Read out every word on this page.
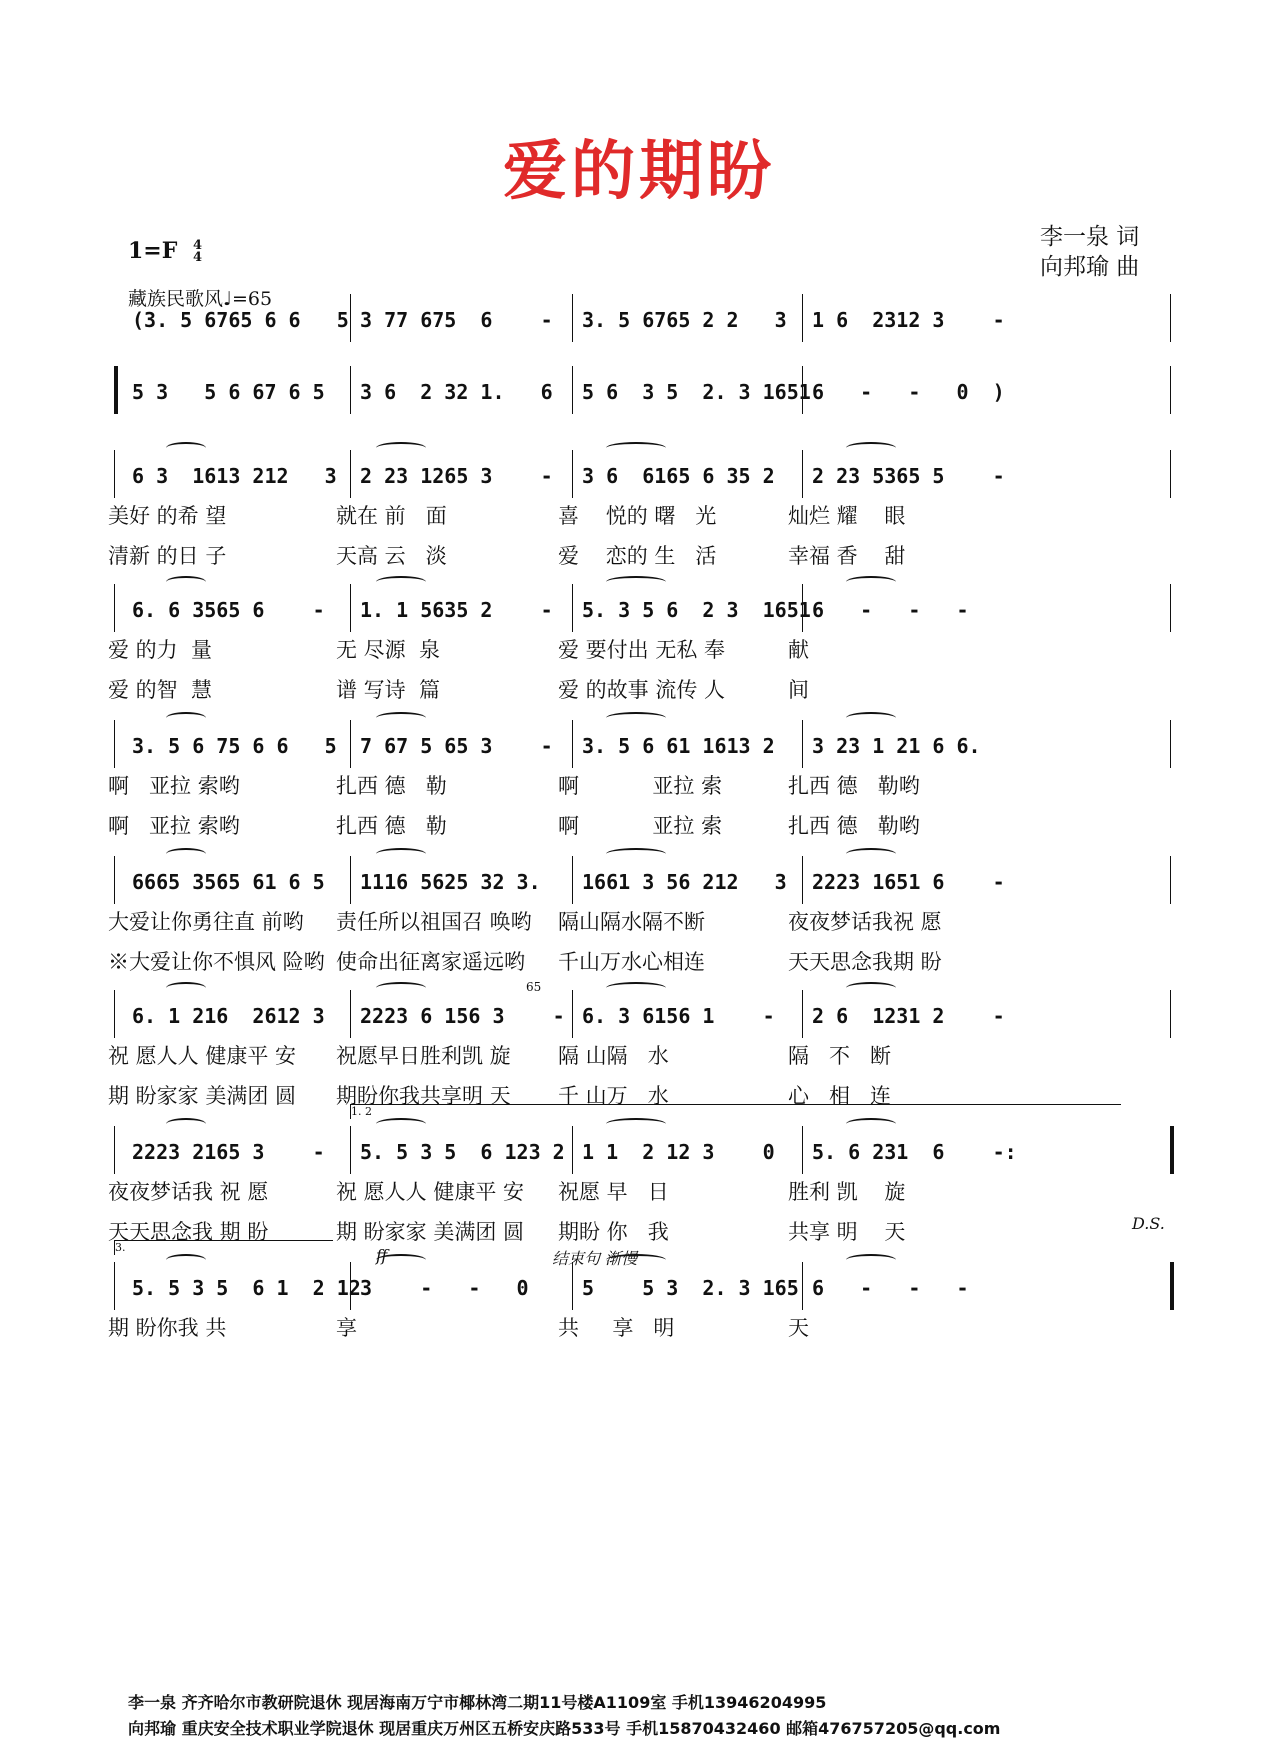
爱的期盼
李一泉 词
向邦瑜 曲
1=F 4
4
藏族民歌风♩=65
(3. 5 6765 6 6   5 3 77 675  6    - 3. 5 6765 2 2   3 1 6  2312 3    -
5 3   5 6 67 6 5 3 6  2 32 1.   6 5 6  3 5  2. 3 1651 6   -   -   0  )
6 3  1613 212   3 2 23 1265 3    - 3 6  6165 6 35 2 2 23 5365 5    -
美好 的希 望	就在 前   面	喜    悦的 曙   光	灿烂 耀    眼
清新 的日 子	天高 云   淡	爱    恋的 生   活	幸福 香    甜
6. 6 3565 6    - 1. 1 5635 2    - 5. 3 5 6  2 3  1651 6   -   -   -
爱 的力  量	无 尽源  泉	爱 要付出 无私 奉	献
爱 的智  慧	谱 写诗  篇	爱 的故事 流传 人	间
3. 5 6 75 6 6   5 7 67 5 65 3    - 3. 5 6 61 1613 2 3 23 1 21 6 6.
啊   亚拉 索哟	扎西 德   勒	啊           亚拉 索	扎西 德   勒哟
啊   亚拉 索哟	扎西 德   勒	啊           亚拉 索	扎西 德   勒哟
6665 3565 61 6 5 1116 5625 32 3. 1661 3 56 212   3 2223 1651 6    -
大爱让你勇往直 前哟 责任所以祖国召 唤哟 隔山隔水隔不断	夜夜梦话我祝 愿
※大爱让你不惧风 险哟 使命出征离家遥远哟 千山万水心相连	天天思念我期 盼
6. 1 216  2612 3 2223 6 156 3    - 6. 3 6156 1    - 2 6  1231 2    -
祝 愿人人 健康平 安 祝愿早日胜利凯 旋 隔 山隔   水	隔   不   断
期 盼家家 美满团 圆 期盼你我共享明 天 千 山万   水	心   相   连
65
2223 2165 3    - 5. 5 3 5  6 123 2 1 1  2 12 3    0 5. 6 231  6    -:
夜夜梦话我 祝 愿	祝 愿人人 健康平 安 祝愿 早   日	胜利 凯    旋
天天思念我 期 盼	期 盼家家 美满团 圆 期盼 你   我	共享 明    天	D.S.
1. 2
5. 5 3 5  6 1  2 12 3    -   -   0	5    5 3  2. 3 165 6   -   -   -
期 盼你我 共	享	共     享   明	天
3.	ff	结束句 渐慢
李一泉 齐齐哈尔市教研院退休 现居海南万宁市椰林湾二期11号楼A1109室 手机13946204995
向邦瑜 重庆安全技术职业学院退休 现居重庆万州区五桥安庆路533号 手机15870432460 邮箱476757205@qq.com
